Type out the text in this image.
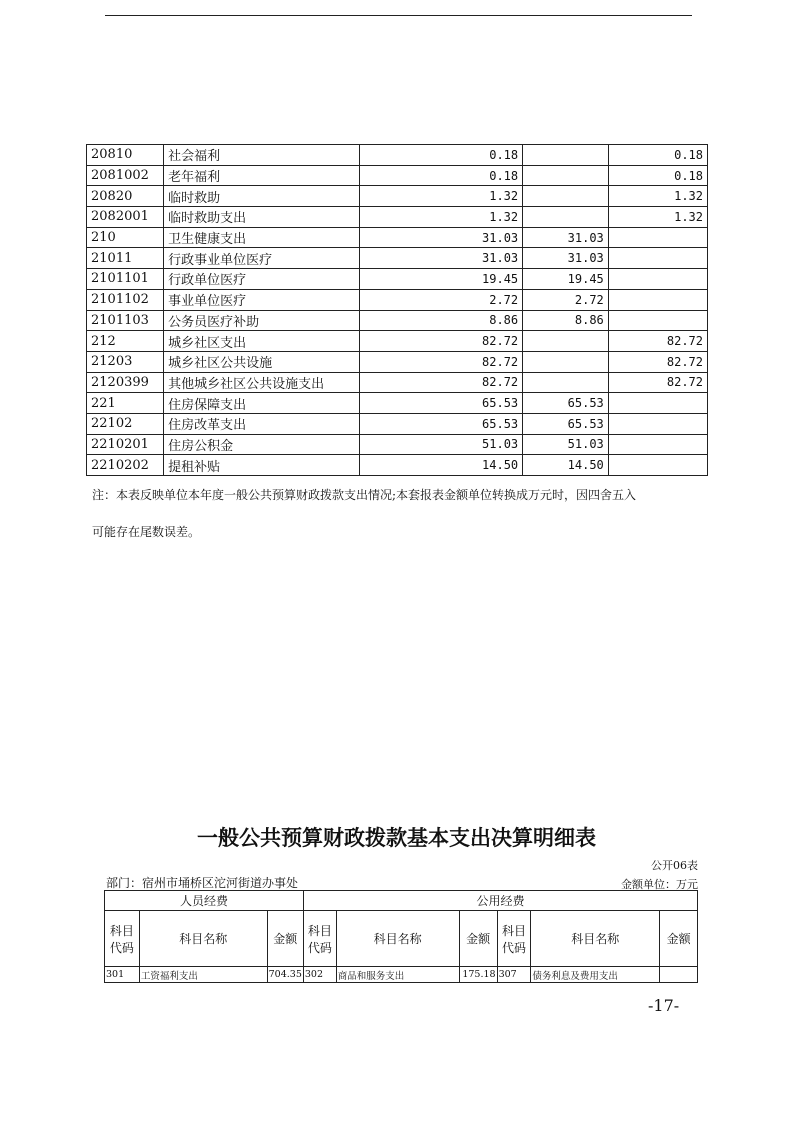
20810	社会福利	0.18		0.18
2081002	老年福利	0.18		0.18
20820	临时救助	1.32		1.32
2082001	临时救助支出	1.32		1.32
210	卫生健康支出	31.03	31.03	
21011	行政事业单位医疗	31.03	31.03	
2101101	行政单位医疗	19.45	19.45	
2101102	事业单位医疗	2.72	2.72	
2101103	公务员医疗补助	8.86	8.86	
212	城乡社区支出	82.72		82.72
21203	城乡社区公共设施	82.72		82.72
2120399	其他城乡社区公共设施支出	82.72		82.72
221	住房保障支出	65.53	65.53	
22102	住房改革支出	65.53	65.53	
2210201	住房公积金	51.03	51.03	
2210202	提租补贴	14.50	14.50	
注：本表反映单位本年度一般公共预算财政拨款支出情况;本套报表金额单位转换成万元时，因四舍五入
可能存在尾数误差。
一般公共预算财政拨款基本支出决算明细表
公开06表
部门：宿州市埇桥区沱河街道办事处	金额单位：万元
人员经费			公用经费					
科目代码	科目名称	金额	科目代码	科目名称	金额	科目代码	科目名称	金额
301	工资福利支出	704.35	302	商品和服务支出	175.18	307	债务利息及费用支出	
-17-
